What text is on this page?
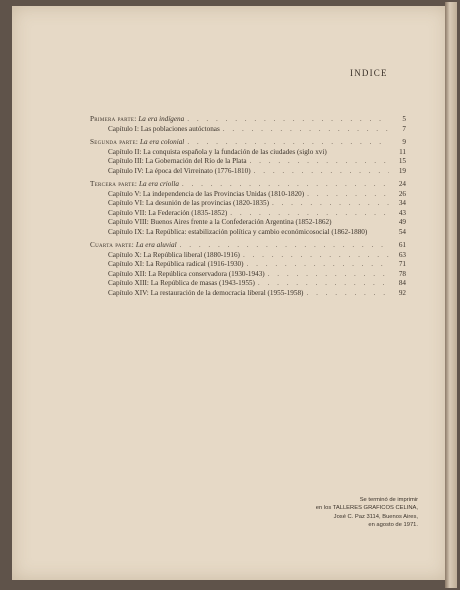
INDICE
Primera parte: La era indígena . . .	5
Capítulo I: Las poblaciones autóctonas . . .	7
Segunda parte: La era colonial . . .	9
Capítulo II: La conquista española y la fundación de las ciudades (siglo xvi)	11
Capítulo III: La Gobernación del Río de la Plata . . .	15
Capítulo IV: La época del Virreinato (1776-1810) . . .	19
Tercera parte: La era criolla . . .	24
Capítulo V: La independencia de las Provincias Unidas (1810-1820) . . .	26
Capítulo VI: La desunión de las provincias (1820-1835) . . .	34
Capítulo VII: La Federación (1835-1852) . . .	43
Capítulo VIII: Buenos Aires frente a la Confederación Argentina (1852-1862)	49
Capítulo IX: La República: estabilización política y cambio económicosocial (1862-1880)	54
Cuarta parte: La era aluvial . . .	61
Capítulo X: La República liberal (1880-1916) . . .	63
Capítulo XI: La República radical (1916-1930) . . .	71
Capítulo XII: La República conservadora (1930-1943) . . .	78
Capítulo XIII: La República de masas (1943-1955) . . .	84
Capítulo XIV: La restauración de la democracia liberal (1955-1958) . . .	92
Se terminó de imprimir
en los TALLERES GRAFICOS CELINA,
José C. Paz 3114, Buenos Aires,
en agosto de 1971.
